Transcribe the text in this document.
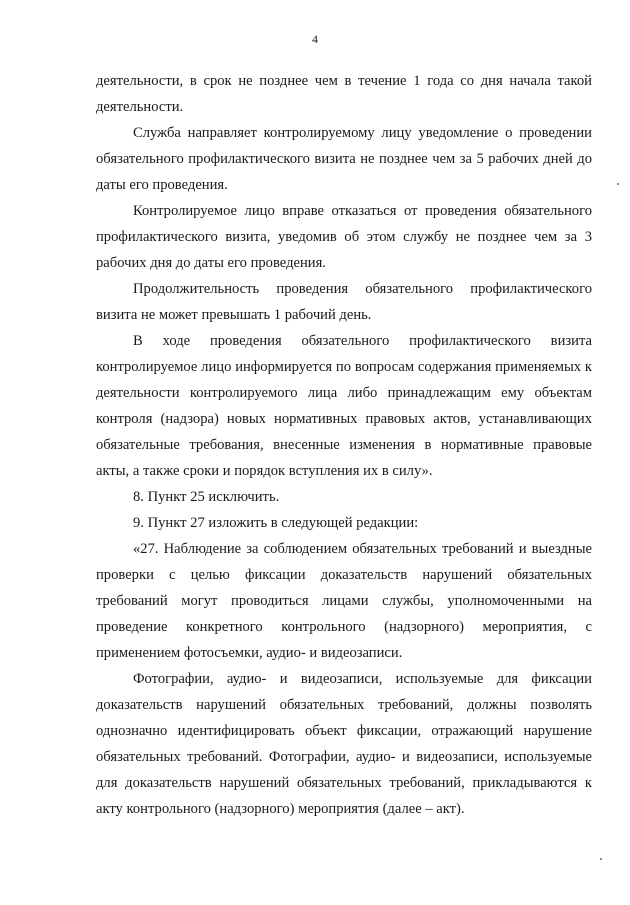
4

деятельности, в срок не позднее чем в течение 1 года со дня начала такой деятельности.

Служба направляет контролируемому лицу уведомление о проведении обязательного профилактического визита не позднее чем за 5 рабочих дней до даты его проведения.

Контролируемое лицо вправе отказаться от проведения обязательного профилактического визита, уведомив об этом службу не позднее чем за 3 рабочих дня до даты его проведения.

Продолжительность проведения обязательного профилактического визита не может превышать 1 рабочий день.

В ходе проведения обязательного профилактического визита контролируемое лицо информируется по вопросам содержания применяемых к деятельности контролируемого лица либо принадлежащим ему объектам контроля (надзора) новых нормативных правовых актов, устанавливающих обязательные требования, внесенные изменения в нормативные правовые акты, а также сроки и порядок вступления их в силу».

8. Пункт 25 исключить.

9. Пункт 27 изложить в следующей редакции:

«27. Наблюдение за соблюдением обязательных требований и выездные проверки с целью фиксации доказательств нарушений обязательных требований могут проводиться лицами службы, уполномоченными на проведение конкретного контрольного (надзорного) мероприятия, с применением фотосъемки, аудио- и видеозаписи.

Фотографии, аудио- и видеозаписи, используемые для фиксации доказательств нарушений обязательных требований, должны позволять однозначно идентифицировать объект фиксации, отражающий нарушение обязательных требований. Фотографии, аудио- и видеозаписи, используемые для доказательств нарушений обязательных требований, прикладываются к акту контрольного (надзорного) мероприятия (далее – акт).
